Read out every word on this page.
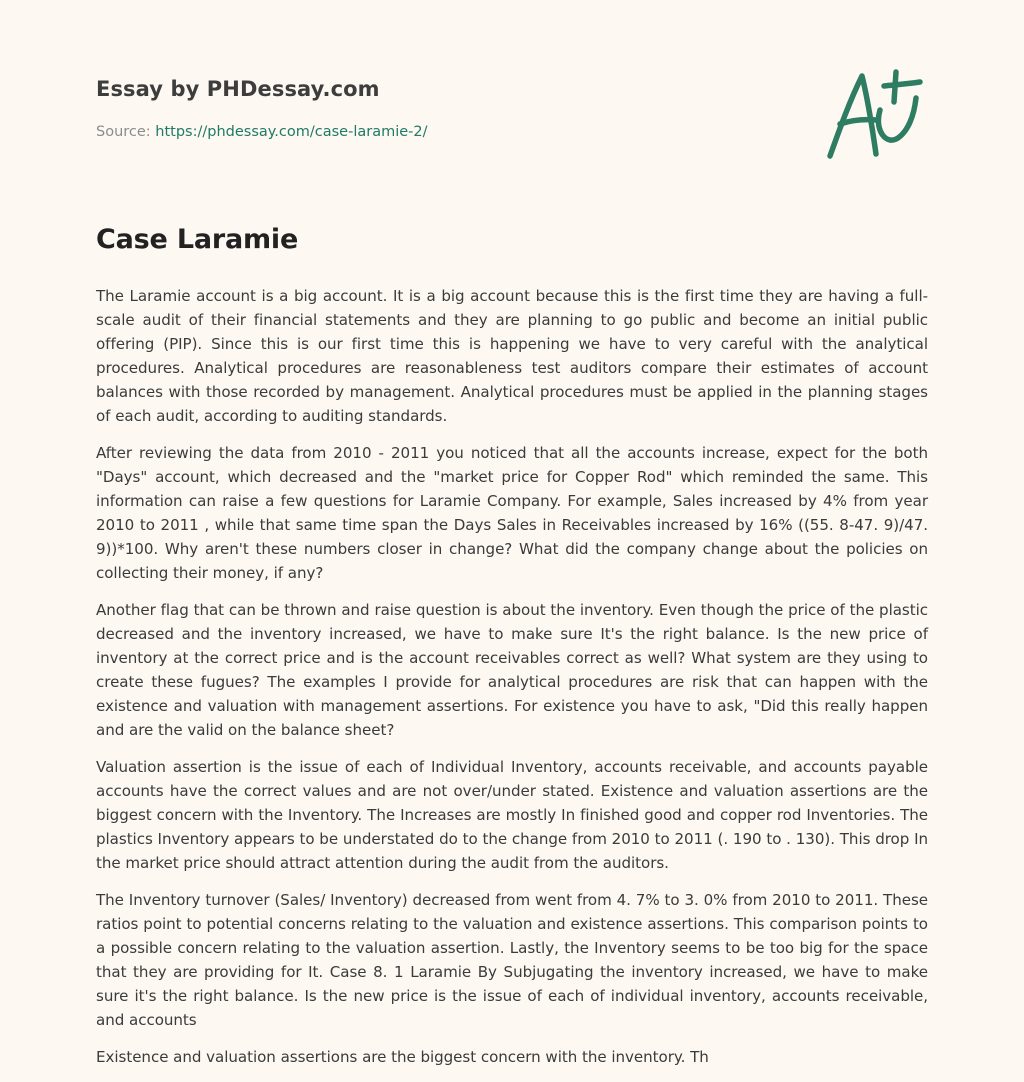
Essay by PHDessay.com
Source: https://phdessay.com/case-laramie-2/
Case Laramie

The Laramie account is a big account. It is a big account because this is the first time they are having a full-scale audit of their financial statements and they are planning to go public and become an initial public offering (PIP). Since this is our first time this is happening we have to very careful with the analytical procedures. Analytical procedures are reasonableness test auditors compare their estimates of account balances with those recorded by management. Analytical procedures must be applied in the planning stages of each audit, according to auditing standards.

After reviewing the data from 2010 - 2011 you noticed that all the accounts increase, expect for the both "Days" account, which decreased and the "market price for Copper Rod" which reminded the same. This information can raise a few questions for Laramie Company. For example, Sales increased by 4% from year 2010 to 2011 , while that same time span the Days Sales in Receivables increased by 16% ((55. 8-47. 9)/47. 9))*100. Why aren't these numbers closer in change? What did the company change about the policies on collecting their money, if any?

Another flag that can be thrown and raise question is about the inventory. Even though the price of the plastic decreased and the inventory increased, we have to make sure It's the right balance. Is the new price of inventory at the correct price and is the account receivables correct as well? What system are they using to create these fugues? The examples I provide for analytical procedures are risk that can happen with the existence and valuation with management assertions. For existence you have to ask, "Did this really happen and are the valid on the balance sheet?

Valuation assertion is the issue of each of Individual Inventory, accounts receivable, and accounts payable accounts have the correct values and are not over/under stated. Existence and valuation assertions are the biggest concern with the Inventory. The Increases are mostly In finished good and copper rod Inventories. The plastics Inventory appears to be understated do to the change from 2010 to 2011 (. 190 to . 130). This drop In the market price should attract attention during the audit from the auditors.

The Inventory turnover (Sales/ Inventory) decreased from went from 4. 7% to 3. 0% from 2010 to 2011. These ratios point to potential concerns relating to the valuation and existence assertions. This comparison points to a possible concern relating to the valuation assertion. Lastly, the Inventory seems to be too big for the space that they are providing for It. Case 8. 1 Laramie By Subjugating the inventory increased, we have to make sure it's the right balance. Is the new price is the issue of each of individual inventory, accounts receivable, and accounts

Existence and valuation assertions are the biggest concern with the inventory. Th
